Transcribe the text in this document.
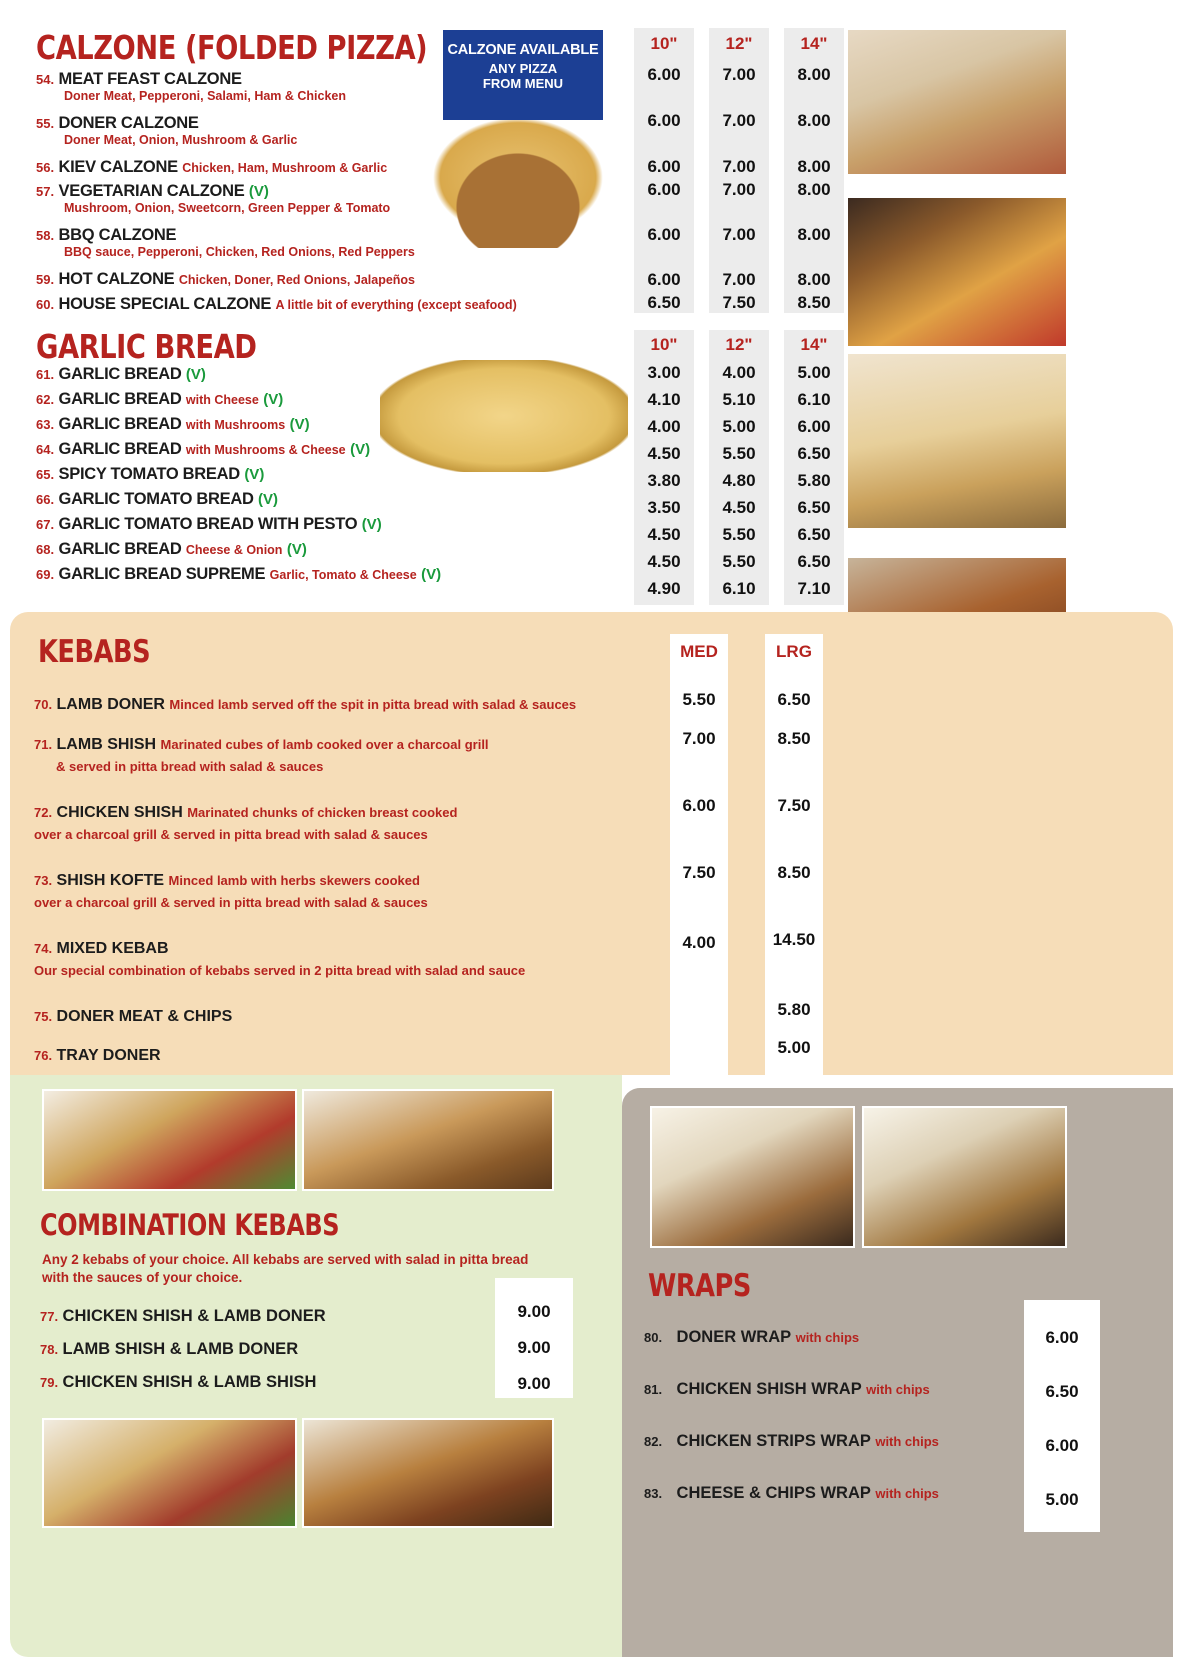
CALZONE (FOLDED PIZZA)	CALZONE AVAILABLE
ANY PIZZA
FROM MENU
54. MEAT FEAST CALZONE
Doner Meat, Pepperoni, Salami, Ham & Chicken
55. DONER CALZONE
Doner Meat, Onion, Mushroom & Garlic
56. KIEV CALZONE Chicken, Ham, Mushroom & Garlic
57. VEGETARIAN CALZONE (V)
Mushroom, Onion, Sweetcorn, Green Pepper & Tomato
58. BBQ CALZONE
BBQ sauce, Pepperoni, Chicken, Red Onions, Red Peppers
59. HOT CALZONE Chicken, Doner, Red Onions, Jalapeños
60. HOUSE SPECIAL CALZONE A little bit of everything (except seafood)
10"
6.00
6.00
6.00
6.00
6.00
6.00
6.50
12"
7.00
7.00
7.00
7.00
7.00
7.00
7.50
14"
8.00
8.00
8.00
8.00
8.00
8.00
8.50
GARLIC BREAD
61. GARLIC BREAD (V)
62. GARLIC BREAD with Cheese (V)
63. GARLIC BREAD with Mushrooms (V)
64. GARLIC BREAD with Mushrooms & Cheese (V)
65. SPICY TOMATO BREAD (V)
66. GARLIC TOMATO BREAD (V)
67. GARLIC TOMATO BREAD WITH PESTO (V)
68. GARLIC BREAD Cheese & Onion (V)
69. GARLIC BREAD SUPREME Garlic, Tomato & Cheese (V)
10"
3.00
4.10
4.00
4.50
3.80
3.50
4.50
4.50
4.90
12"
4.00
5.10
5.00
5.50
4.80
4.50
5.50
5.50
6.10
14"
5.00
6.10
6.00
6.50
5.80
6.50
6.50
6.50
7.10
KEBABS
70. LAMB DONER Minced lamb served off the spit in pitta bread with salad & sauces
71. LAMB SHISH Marinated cubes of lamb cooked over a charcoal grill
& served in pitta bread with salad & sauces
72. CHICKEN SHISH Marinated chunks of chicken breast cooked
over a charcoal grill & served in pitta bread with salad & sauces
73. SHISH KOFTE Minced lamb with herbs skewers cooked
over a charcoal grill & served in pitta bread with salad & sauces
74. MIXED KEBAB
Our special combination of kebabs served in 2 pitta bread with salad and sauce
75. DONER MEAT & CHIPS
76. TRAY DONER
MED
5.50
7.00
6.00
7.50
4.00
LRG
6.50
8.50
7.50
8.50
14.50
5.80
5.00
COMBINATION KEBABS
Any 2 kebabs of your choice. All kebabs are served with salad in pitta bread with the sauces of your choice.
77. CHICKEN SHISH & LAMB DONER
78. LAMB SHISH & LAMB DONER
79. CHICKEN SHISH & LAMB SHISH
9.00
9.00
9.00
WRAPS
80. DONER WRAP with chips
81. CHICKEN SHISH WRAP with chips
82. CHICKEN STRIPS WRAP with chips
83. CHEESE & CHIPS WRAP with chips
6.00
6.50
6.00
5.00
